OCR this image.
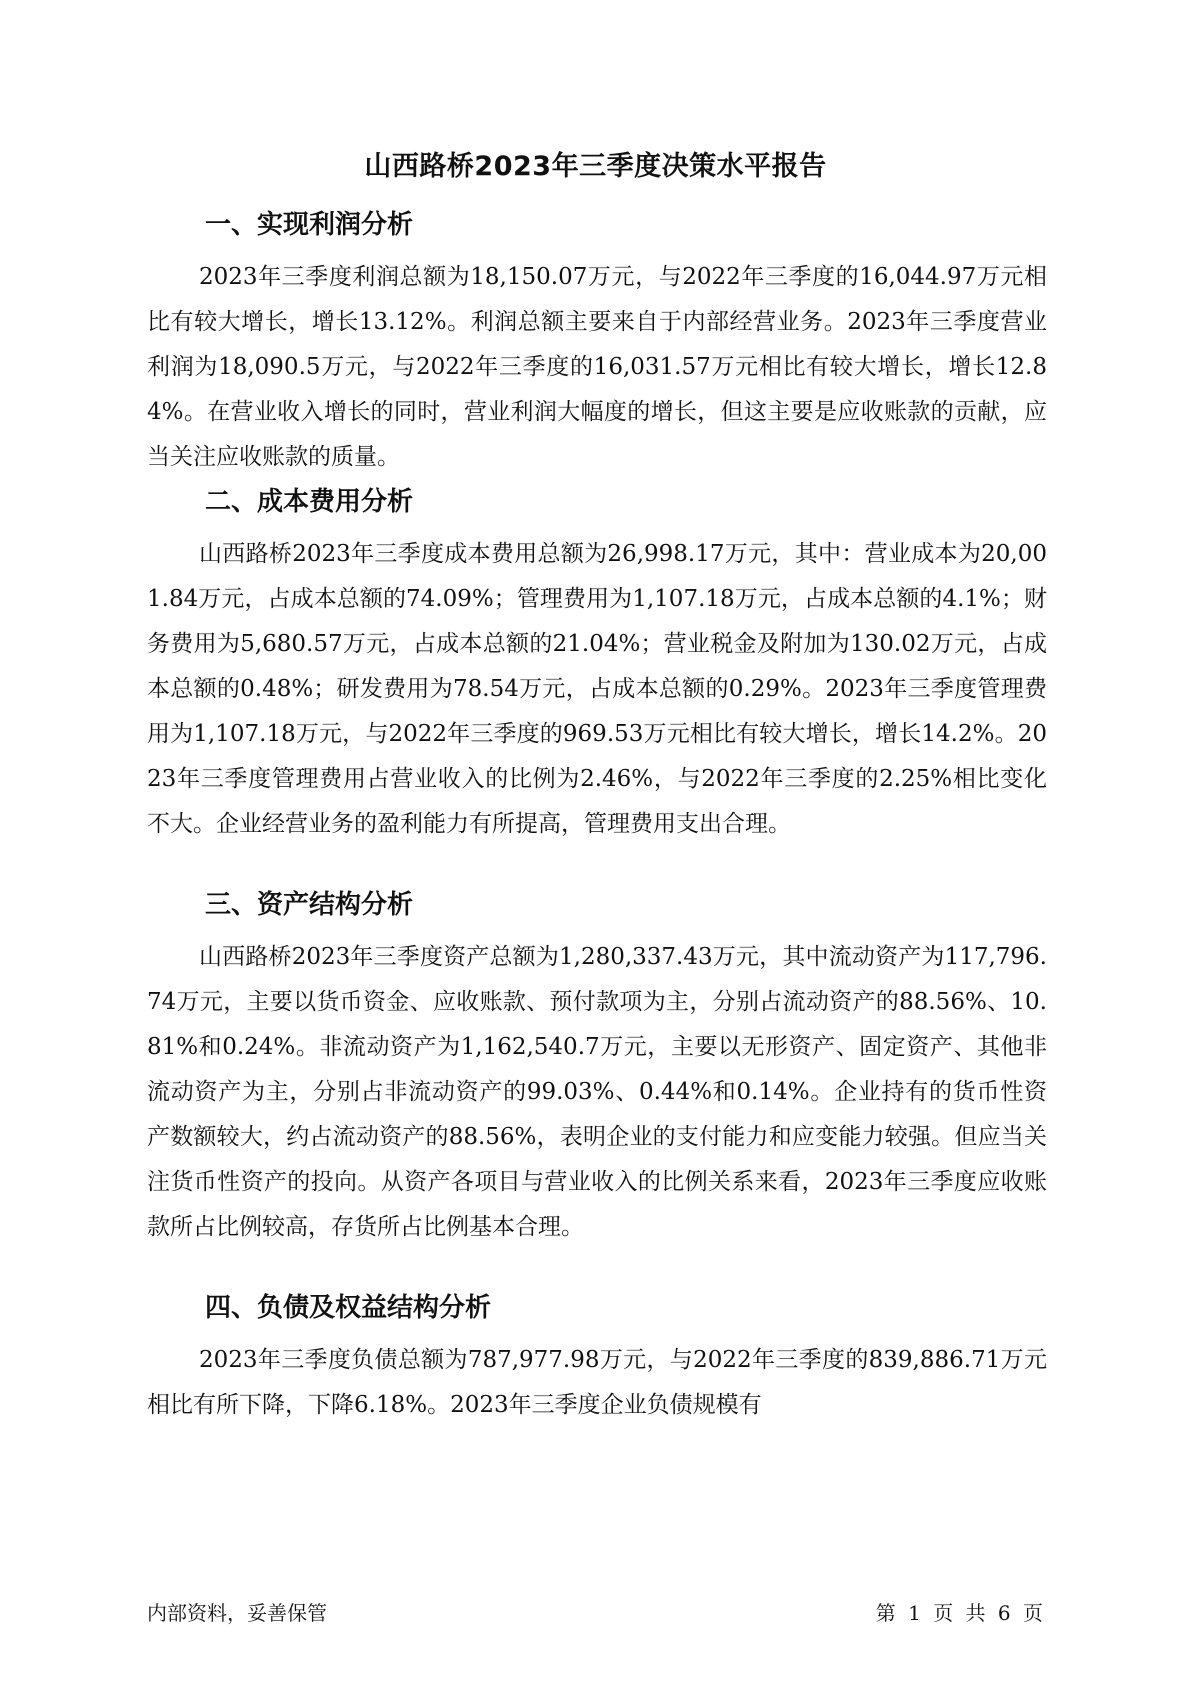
山西路桥2023年三季度决策水平报告
一、实现利润分析
2023年三季度利润总额为18,150.07万元，与2022年三季度的16,044.97万元相比有较大增长，增长13.12%。利润总额主要来自于内部经营业务。2023年三季度营业利润为18,090.5万元，与2022年三季度的16,031.57万元相比有较大增长，增长12.84%。在营业收入增长的同时，营业利润大幅度的增长，但这主要是应收账款的贡献，应当关注应收账款的质量。
二、成本费用分析
山西路桥2023年三季度成本费用总额为26,998.17万元，其中：营业成本为20,001.84万元，占成本总额的74.09%；管理费用为1,107.18万元，占成本总额的4.1%；财务费用为5,680.57万元，占成本总额的21.04%；营业税金及附加为130.02万元，占成本总额的0.48%；研发费用为78.54万元，占成本总额的0.29%。2023年三季度管理费用为1,107.18万元，与2022年三季度的969.53万元相比有较大增长，增长14.2%。2023年三季度管理费用占营业收入的比例为2.46%，与2022年三季度的2.25%相比变化不大。企业经营业务的盈利能力有所提高，管理费用支出合理。
三、资产结构分析
山西路桥2023年三季度资产总额为1,280,337.43万元，其中流动资产为117,796.74万元，主要以货币资金、应收账款、预付款项为主，分别占流动资产的88.56%、10.81%和0.24%。非流动资产为1,162,540.7万元，主要以无形资产、固定资产、其他非流动资产为主，分别占非流动资产的99.03%、0.44%和0.14%。企业持有的货币性资产数额较大，约占流动资产的88.56%，表明企业的支付能力和应变能力较强。但应当关注货币性资产的投向。从资产各项目与营业收入的比例关系来看，2023年三季度应收账款所占比例较高，存货所占比例基本合理。
四、负债及权益结构分析
2023年三季度负债总额为787,977.98万元，与2022年三季度的839,886.71万元相比有所下降，下降6.18%。2023年三季度企业负债规模有
内部资料，妥善保管	第 1 页 共 6 页
